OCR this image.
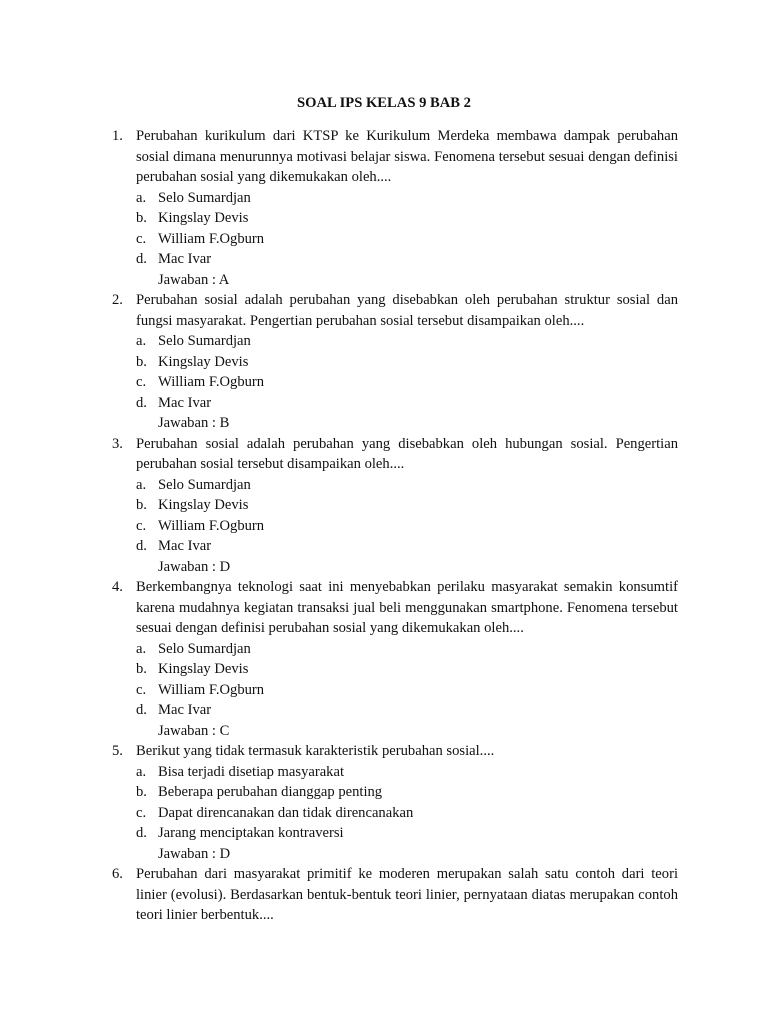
SOAL IPS KELAS 9 BAB 2
1. Perubahan kurikulum dari KTSP ke Kurikulum Merdeka membawa dampak perubahan sosial dimana menurunnya motivasi belajar siswa. Fenomena tersebut sesuai dengan definisi perubahan sosial yang dikemukakan oleh....
a. Selo Sumardjan
b. Kingslay Devis
c. William F.Ogburn
d. Mac Ivar
Jawaban : A
2. Perubahan sosial adalah perubahan yang disebabkan oleh perubahan struktur sosial dan fungsi masyarakat. Pengertian perubahan sosial tersebut disampaikan oleh....
a. Selo Sumardjan
b. Kingslay Devis
c. William F.Ogburn
d. Mac Ivar
Jawaban : B
3. Perubahan sosial adalah perubahan yang disebabkan oleh hubungan sosial. Pengertian perubahan sosial tersebut disampaikan oleh....
a. Selo Sumardjan
b. Kingslay Devis
c. William F.Ogburn
d. Mac Ivar
Jawaban : D
4. Berkembangnya teknologi saat ini menyebabkan perilaku masyarakat semakin konsumtif karena mudahnya kegiatan transaksi jual beli menggunakan smartphone. Fenomena tersebut sesuai dengan definisi perubahan sosial yang dikemukakan oleh....
a. Selo Sumardjan
b. Kingslay Devis
c. William F.Ogburn
d. Mac Ivar
Jawaban : C
5. Berikut yang tidak termasuk karakteristik perubahan sosial....
a. Bisa terjadi disetiap masyarakat
b. Beberapa perubahan dianggap penting
c. Dapat direncanakan dan tidak direncanakan
d. Jarang menciptakan kontraversi
Jawaban : D
6. Perubahan dari masyarakat primitif ke moderen merupakan salah satu contoh dari teori linier (evolusi). Berdasarkan bentuk-bentuk teori linier, pernyataan diatas merupakan contoh teori linier berbentuk....
